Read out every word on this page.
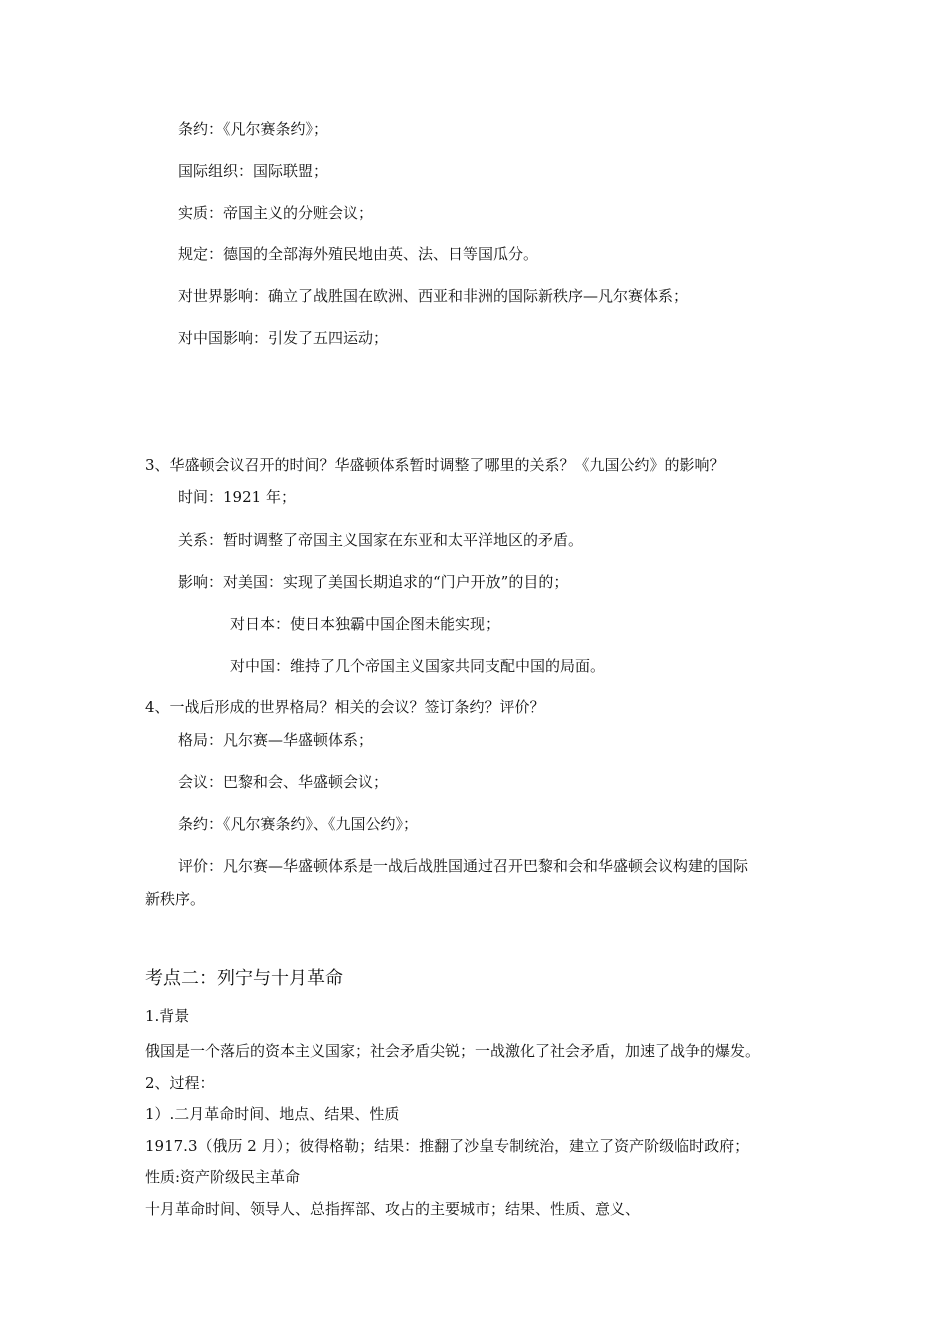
条约：《凡尔赛条约》；
国际组织：国际联盟；
实质：帝国主义的分赃会议；
规定：德国的全部海外殖民地由英、法、日等国瓜分。
对世界影响：确立了战胜国在欧洲、西亚和非洲的国际新秩序—凡尔赛体系；
对中国影响：引发了五四运动；
3、华盛顿会议召开的时间？华盛顿体系暂时调整了哪里的关系？《九国公约》的影响？
时间：1921 年；
关系：暂时调整了帝国主义国家在东亚和太平洋地区的矛盾。
影响：对美国：实现了美国长期追求的“门户开放”的目的；
对日本：使日本独霸中国企图未能实现；
对中国：维持了几个帝国主义国家共同支配中国的局面。
4、一战后形成的世界格局？相关的会议？签订条约？评价？
格局：凡尔赛—华盛顿体系；
会议：巴黎和会、华盛顿会议；
条约：《凡尔赛条约》、《九国公约》；
评价：凡尔赛—华盛顿体系是一战后战胜国通过召开巴黎和会和华盛顿会议构建的国际
新秩序。
考点二：列宁与十月革命
1.背景
俄国是一个落后的资本主义国家；社会矛盾尖锐；一战激化了社会矛盾，加速了战争的爆发。
2、过程：
1）.二月革命时间、地点、结果、性质
1917.3（俄历 2 月）；彼得格勒；结果：推翻了沙皇专制统治，建立了资产阶级临时政府；
性质:资产阶级民主革命
十月革命时间、领导人、总指挥部、攻占的主要城市；结果、性质、意义、
